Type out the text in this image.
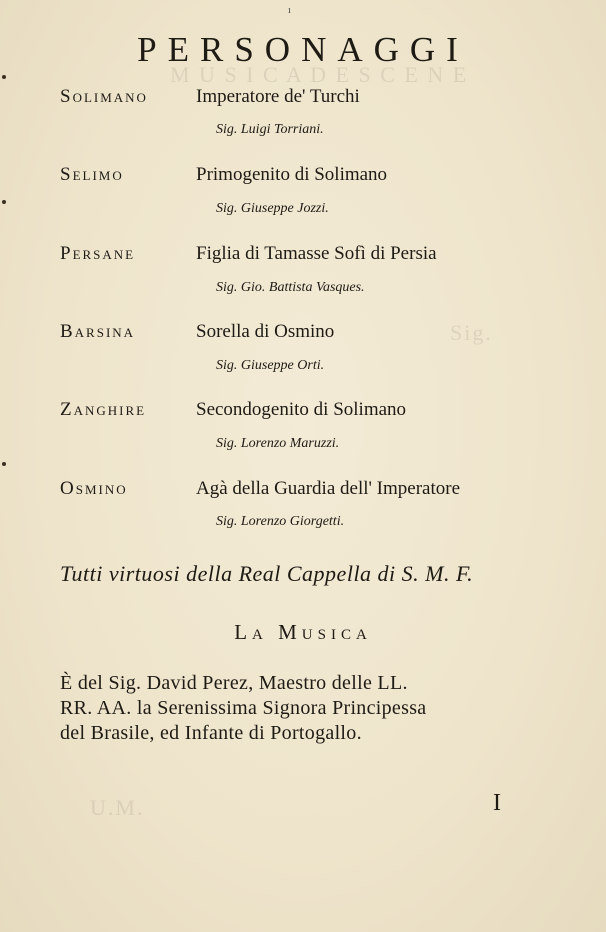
ı
M U S I C A D E S C E N E
Sig.
U.M.
PERSONAGGI
Solimano	Imperatore de' Turchi
Sig. Luigi Torriani.
Selimo	Primogenito di Solimano
Sig. Giuseppe Jozzi.
Persane	Figlia di Tamasse Sofì di Persia
Sig. Gio. Battista Vasques.
Barsina	Sorella di Osmino
Sig. Giuseppe Orti.
Zanghire	Secondogenito di Solimano
Sig. Lorenzo Maruzzi.
Osmino	Agà della Guardia dell' Imperatore
Sig. Lorenzo Giorgetti.
Tutti virtuosi della Real Cappella di S. M. F.
La Musica
È del Sig. David Perez, Maestro delle LL.
RR. AA. la Serenissima Signora Principessa
del Brasile, ed Infante di Portogallo.
I
